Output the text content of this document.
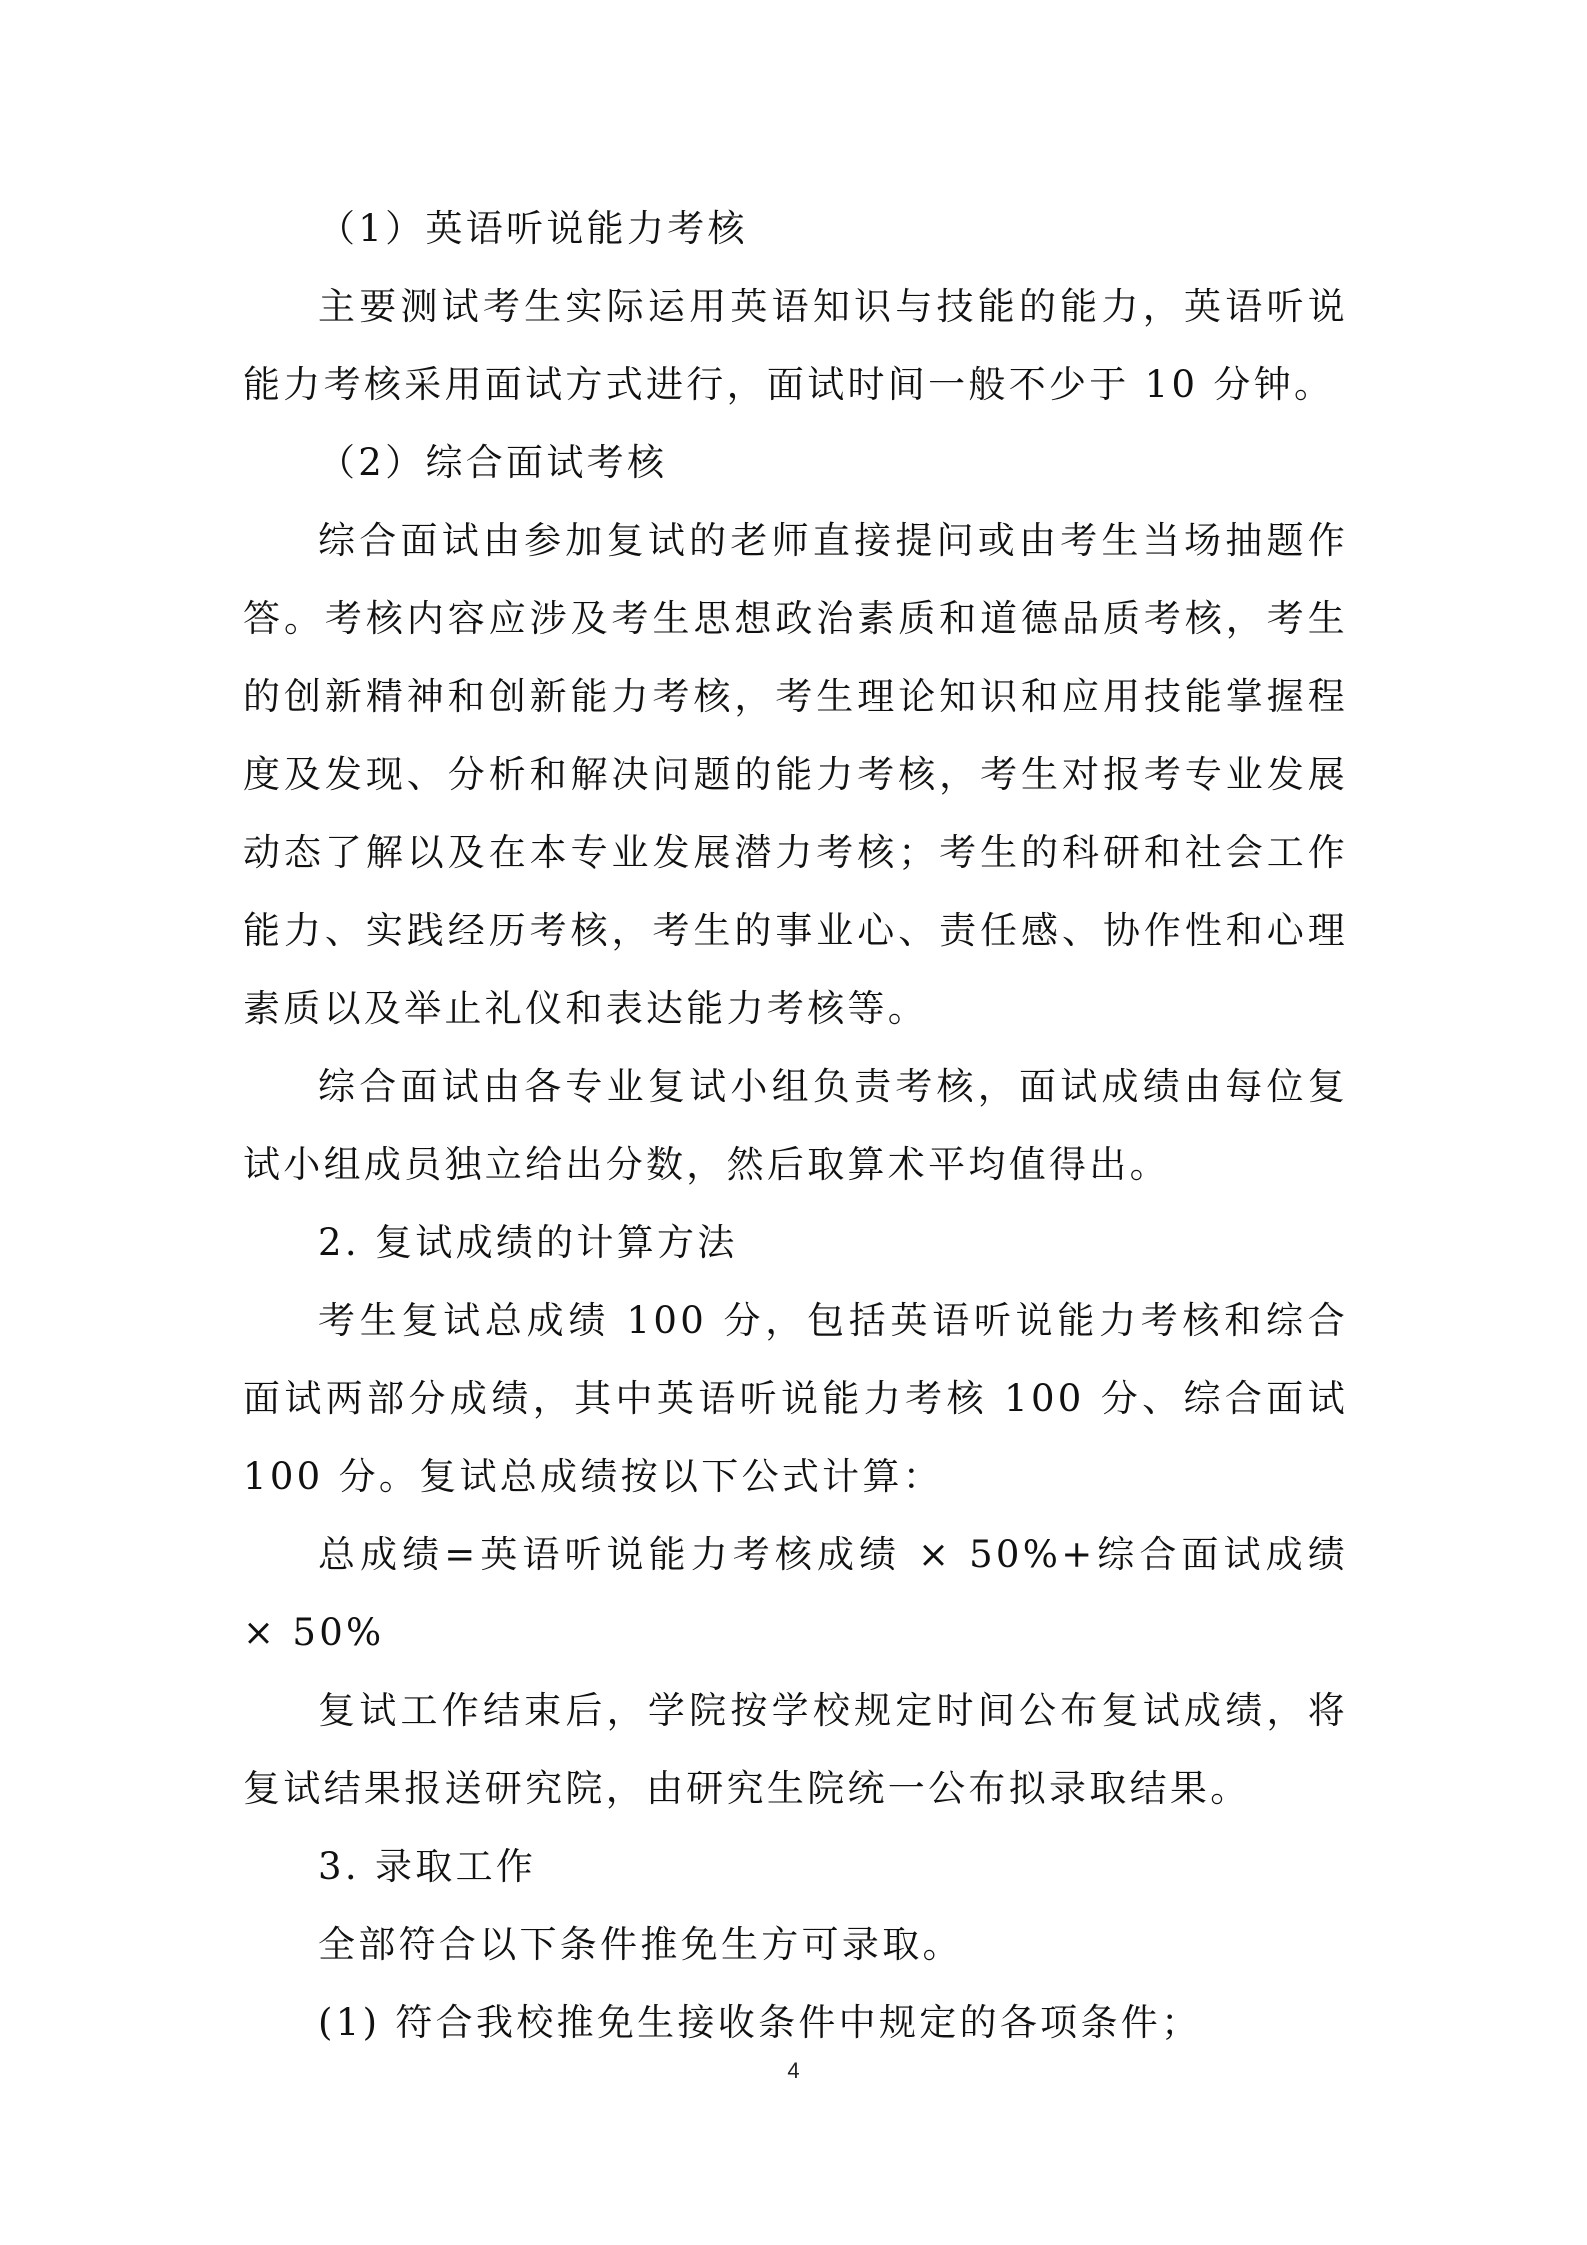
（1）英语听说能力考核

主要测试考生实际运用英语知识与技能的能力，英语听说能力考核采用面试方式进行，面试时间一般不少于 10 分钟。

（2）综合面试考核

综合面试由参加复试的老师直接提问或由考生当场抽题作答。考核内容应涉及考生思想政治素质和道德品质考核，考生的创新精神和创新能力考核，考生理论知识和应用技能掌握程度及发现、分析和解决问题的能力考核，考生对报考专业发展动态了解以及在本专业发展潜力考核；考生的科研和社会工作能力、实践经历考核，考生的事业心、责任感、协作性和心理素质以及举止礼仪和表达能力考核等。

综合面试由各专业复试小组负责考核，面试成绩由每位复试小组成员独立给出分数，然后取算术平均值得出。

2. 复试成绩的计算方法

考生复试总成绩 100 分，包括英语听说能力考核和综合面试两部分成绩，其中英语听说能力考核 100 分、综合面试 100 分。复试总成绩按以下公式计算：

总成绩=英语听说能力考核成绩 × 50%+综合面试成绩 × 50%

复试工作结束后，学院按学校规定时间公布复试成绩，将复试结果报送研究院，由研究生院统一公布拟录取结果。

3. 录取工作

全部符合以下条件推免生方可录取。

(1) 符合我校推免生接收条件中规定的各项条件；

4
